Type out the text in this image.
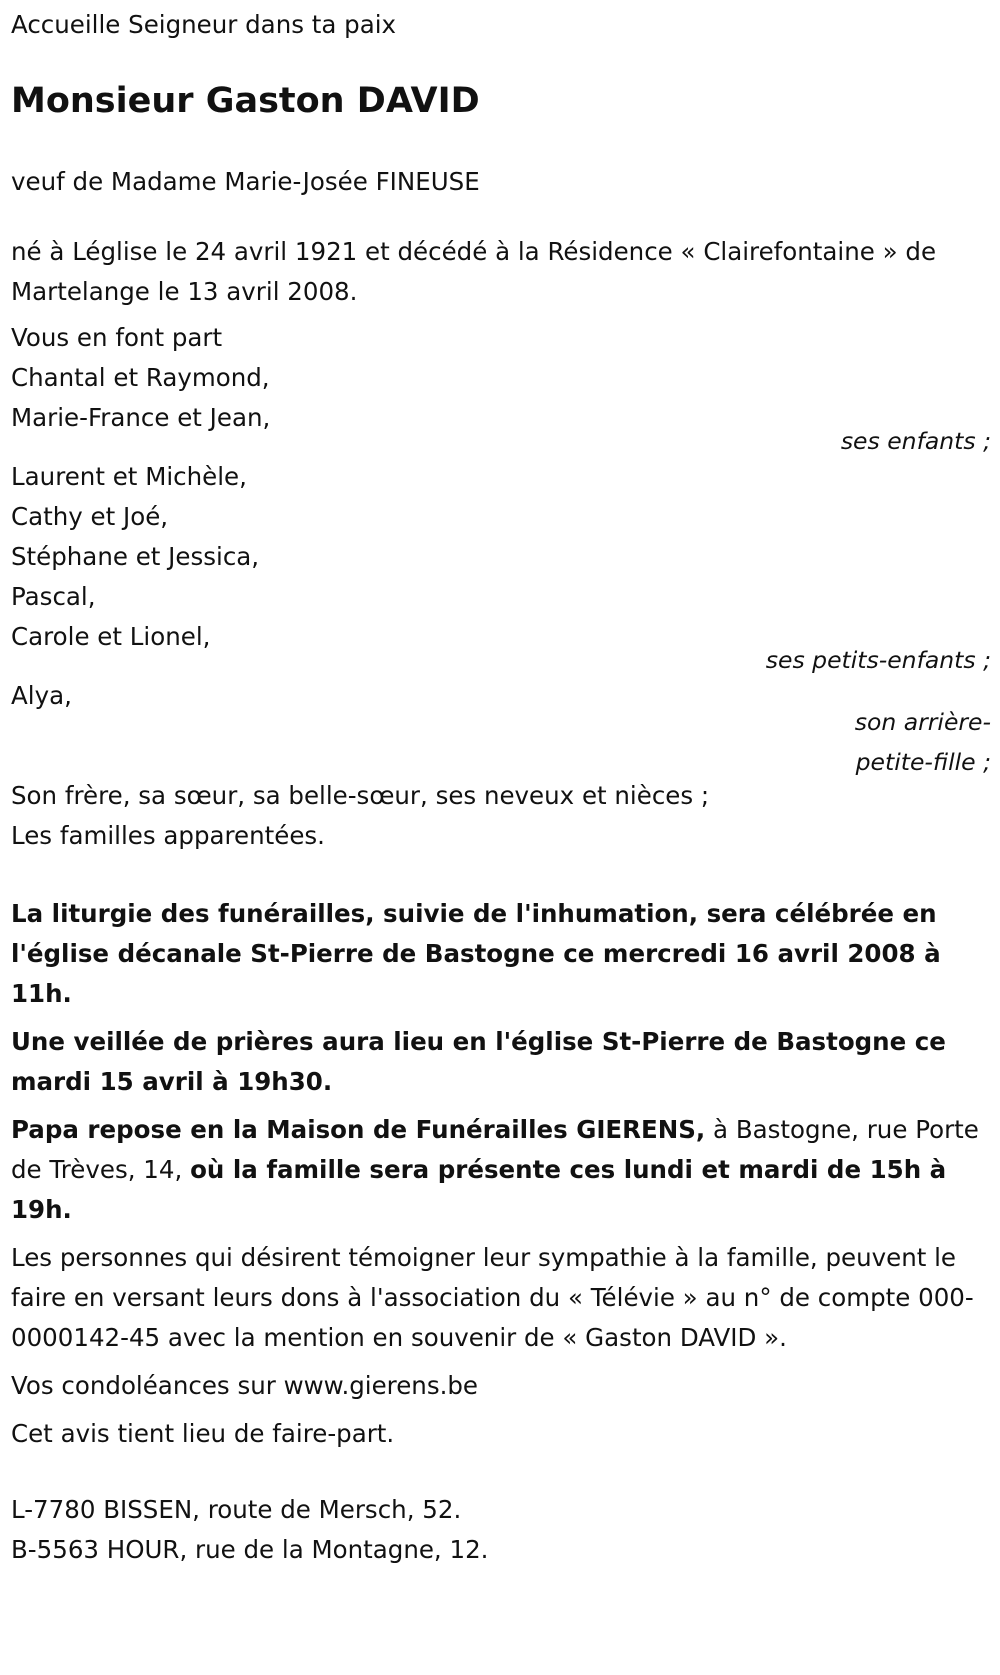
Accueille Seigneur dans ta paix

Monsieur Gaston DAVID

veuf de Madame Marie-Josée FINEUSE

né à Léglise le 24 avril 1921 et décédé à la Résidence « Clairefontaine » de Martelange le 13 avril 2008.

Vous en font part

Chantal et Raymond,

Marie-France et Jean,

ses enfants ;

Laurent et Michèle,

Cathy et Joé,

Stéphane et Jessica,

Pascal,

Carole et Lionel,

ses petits-enfants ;

Alya,

son arrière-

petite-fille ;

Son frère, sa sœur, sa belle-sœur, ses neveux et nièces ;

Les familles apparentées.

La liturgie des funérailles, suivie de l'inhumation, sera célébrée en l'église décanale St-Pierre de Bastogne ce mercredi 16 avril 2008 à 11h.

Une veillée de prières aura lieu en l'église St-Pierre de Bastogne ce mardi 15 avril à 19h30.

Papa repose en la Maison de Funérailles GIERENS, à Bastogne, rue Porte de Trèves, 14, où la famille sera présente ces lundi et mardi de 15h à 19h.

Les personnes qui désirent témoigner leur sympathie à la famille, peuvent le faire en versant leurs dons à l'association du « Télévie » au n° de compte 000-0000142-45 avec la mention en souvenir de « Gaston DAVID ».

Vos condoléances sur www.gierens.be

Cet avis tient lieu de faire-part.

L-7780 BISSEN, route de Mersch, 52.

B-5563 HOUR, rue de la Montagne, 12.
